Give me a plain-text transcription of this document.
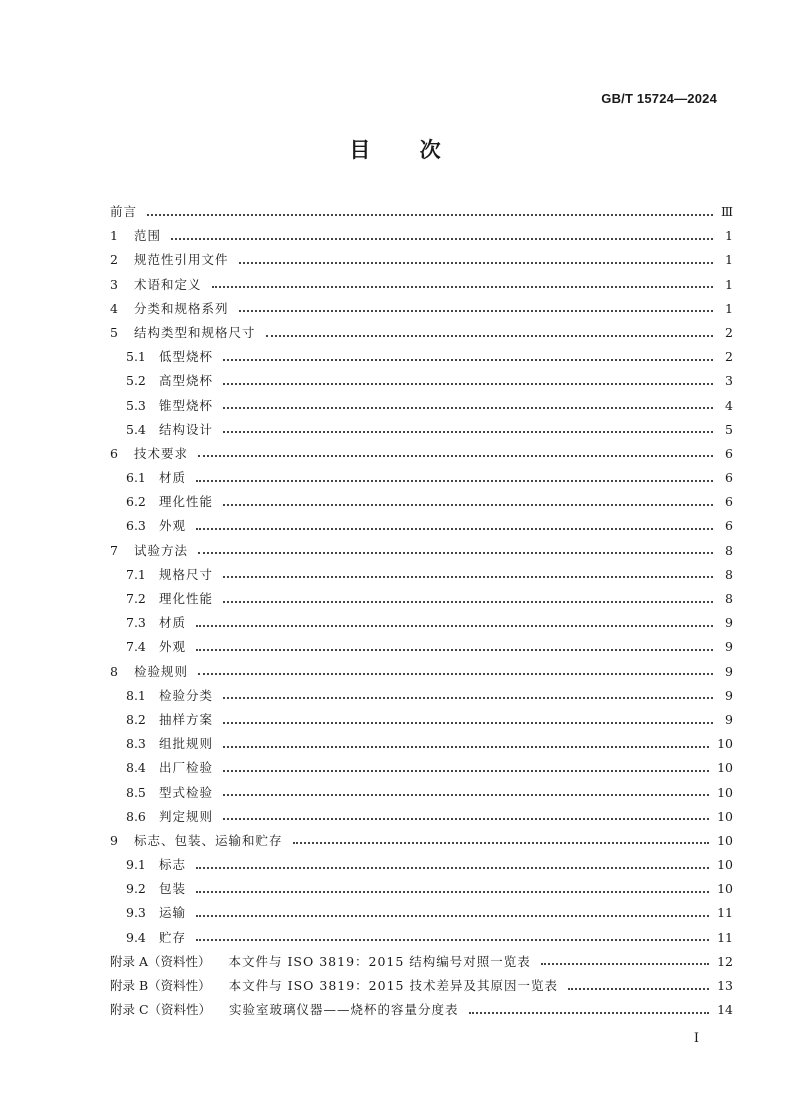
GB/T 15724—2024
目 次
前言	Ⅲ
1	范围	1
2	规范性引用文件	1
3	术语和定义	1
4	分类和规格系列	1
5	结构类型和规格尺寸	2
5.1	低型烧杯	2
5.2	高型烧杯	3
5.3	锥型烧杯	4
5.4	结构设计	5
6	技术要求	6
6.1	材质	6
6.2	理化性能	6
6.3	外观	6
7	试验方法	8
7.1	规格尺寸	8
7.2	理化性能	8
7.3	材质	9
7.4	外观	9
8	检验规则	9
8.1	检验分类	9
8.2	抽样方案	9
8.3	组批规则	10
8.4	出厂检验	10
8.5	型式检验	10
8.6	判定规则	10
9	标志、包装、运输和贮存	10
9.1	标志	10
9.2	包装	10
9.3	运输	11
9.4	贮存	11
附录 A（资料性） 本文件与 ISO 3819：2015 结构编号对照一览表	12
附录 B（资料性） 本文件与 ISO 3819：2015 技术差异及其原因一览表	13
附录 C（资料性） 实验室玻璃仪器——烧杯的容量分度表	14
Ⅰ
